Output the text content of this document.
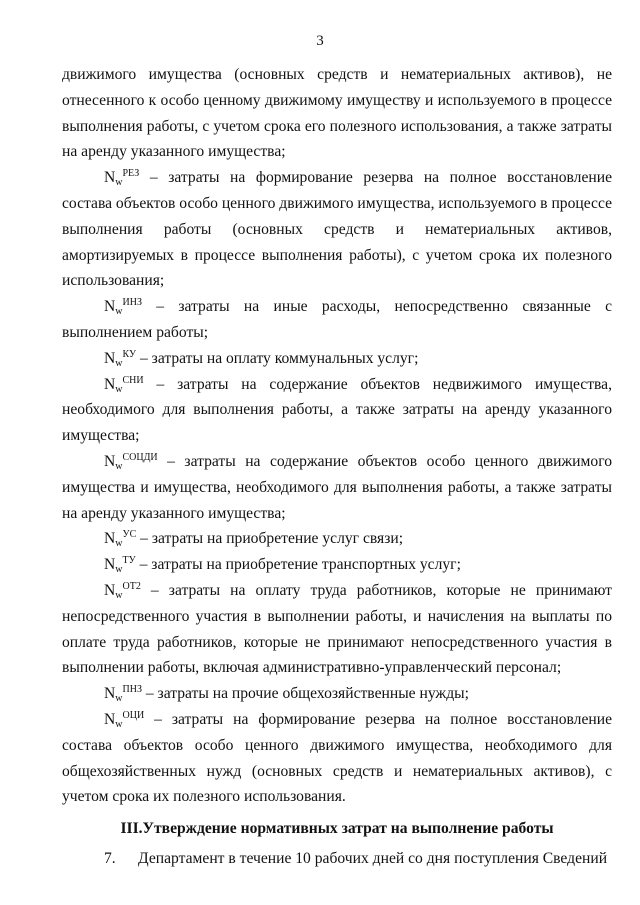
3

движимого имущества (основных средств и нематериальных активов), не отнесенного к особо ценному движимому имуществу и используемого в процессе выполнения работы, с учетом срока его полезного использования, а также затраты на аренду указанного имущества;

$N_w^{РЕЗ}$ – затраты на формирование резерва на полное восстановление состава объектов особо ценного движимого имущества, используемого в процессе выполнения работы (основных средств и нематериальных активов, амортизируемых в процессе выполнения работы), с учетом срока их полезного использования;

$N_w^{ИНЗ}$ – затраты на иные расходы, непосредственно связанные с выполнением работы;

$N_w^{КУ}$ – затраты на оплату коммунальных услуг;

$N_w^{СНИ}$ – затраты на содержание объектов недвижимого имущества, необходимого для выполнения работы, а также затраты на аренду указанного имущества;

$N_w^{СОЦДИ}$ – затраты на содержание объектов особо ценного движимого имущества и имущества, необходимого для выполнения работы, а также затраты на аренду указанного имущества;

$N_w^{УС}$ – затраты на приобретение услуг связи;

$N_w^{ТУ}$ – затраты на приобретение транспортных услуг;

$N_w^{ОТ2}$ – затраты на оплату труда работников, которые не принимают непосредственного участия в выполнении работы, и начисления на выплаты по оплате труда работников, которые не принимают непосредственного участия в выполнении работы, включая административно-управленческий персонал;

$N_w^{ПНЗ}$ – затраты на прочие общехозяйственные нужды;

$N_w^{ОЦИ}$ – затраты на формирование резерва на полное восстановление состава объектов особо ценного движимого имущества, необходимого для общехозяйственных нужд (основных средств и нематериальных активов), с учетом срока их полезного использования.

III.Утверждение нормативных затрат на выполнение работы

7. Департамент в течение 10 рабочих дней со дня поступления Сведений
